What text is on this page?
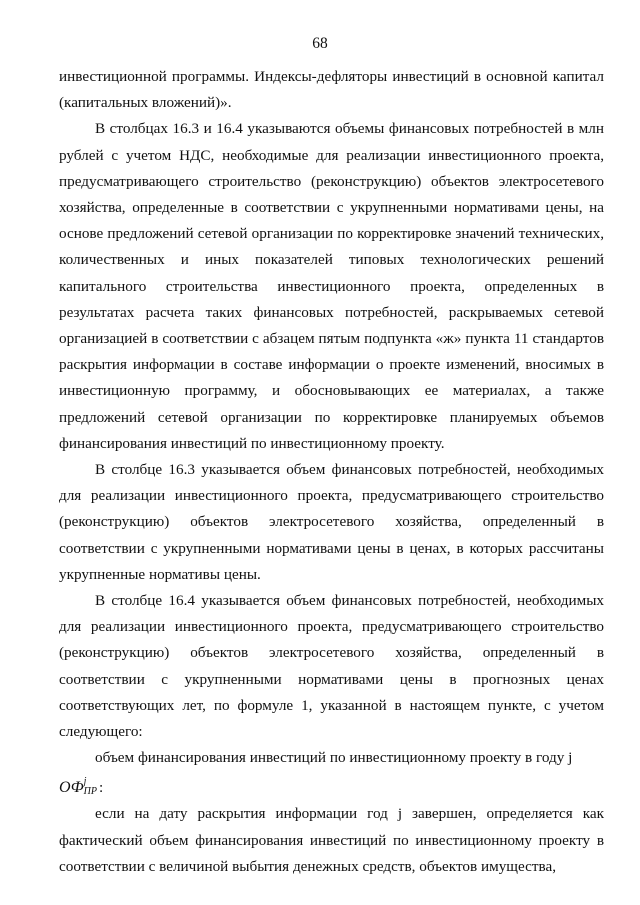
68

инвестиционной программы. Индексы-дефляторы инвестиций в основной капитал (капитальных вложений)».

В столбцах 16.3 и 16.4 указываются объемы финансовых потребностей в млн рублей с учетом НДС, необходимые для реализации инвестиционного проекта, предусматривающего строительство (реконструкцию) объектов электросетевого хозяйства, определенные в соответствии с укрупненными нормативами цены, на основе предложений сетевой организации по корректировке значений технических, количественных и иных показателей типовых технологических решений капитального строительства инвестиционного проекта, определенных в результатах расчета таких финансовых потребностей, раскрываемых сетевой организацией в соответствии с абзацем пятым подпункта «ж» пункта 11 стандартов раскрытия информации в составе информации о проекте изменений, вносимых в инвестиционную программу, и обосновывающих ее материалах, а также предложений сетевой организации по корректировке планируемых объемов финансирования инвестиций по инвестиционному проекту.

В столбце 16.3 указывается объем финансовых потребностей, необходимых для реализации инвестиционного проекта, предусматривающего строительство (реконструкцию) объектов электросетевого хозяйства, определенный в соответствии с укрупненными нормативами цены в ценах, в которых рассчитаны укрупненные нормативы цены.

В столбце 16.4 указывается объем финансовых потребностей, необходимых для реализации инвестиционного проекта, предусматривающего строительство (реконструкцию) объектов электросетевого хозяйства, определенный в соответствии с укрупненными нормативами цены в прогнозных ценах соответствующих лет, по формуле 1, указанной в настоящем пункте, с учетом следующего:

объем финансирования инвестиций по инвестиционному проекту в году j

ОФ j
ПР :

если на дату раскрытия информации год j завершен, определяется как фактический объем финансирования инвестиций по инвестиционному проекту в соответствии с величиной выбытия денежных средств, объектов имущества,
